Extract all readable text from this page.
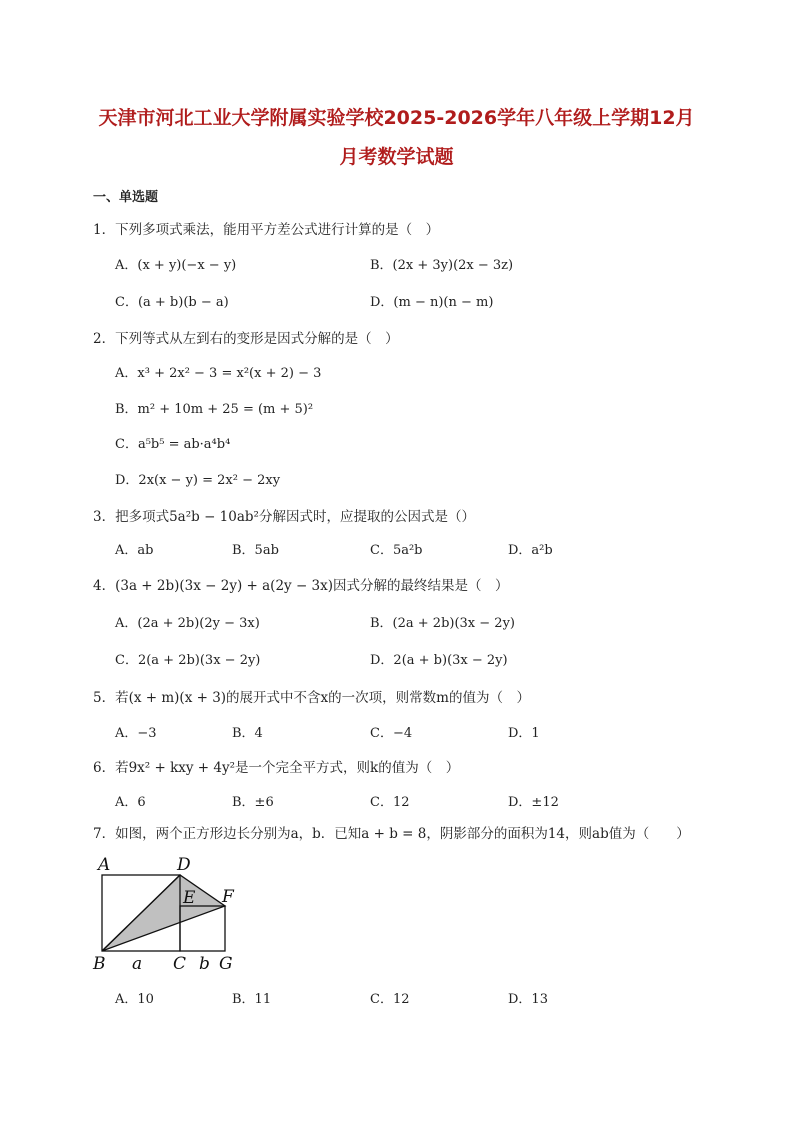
天津市河北工业大学附属实验学校2025-2026学年八年级上学期12月
月考数学试题
一、单选题
1．下列多项式乘法，能用平方差公式进行计算的是（　）
A．(x + y)(−x − y)	B．(2x + 3y)(2x − 3z)
C．(a + b)(b − a)	D．(m − n)(n − m)
2．下列等式从左到右的变形是因式分解的是（　）
A．x³ + 2x² − 3 = x²(x + 2) − 3
B．m² + 10m + 25 = (m + 5)²
C．a⁵b⁵ = ab·a⁴b⁴
D．2x(x − y) = 2x² − 2xy
3．把多项式5a²b − 10ab²分解因式时，应提取的公因式是（）
A．ab	B．5ab	C．5a²b	D．a²b
4．(3a + 2b)(3x − 2y) + a(2y − 3x)因式分解的最终结果是（　）
A．(2a + 2b)(2y − 3x)	B．(2a + 2b)(3x − 2y)
C．2(a + 2b)(3x − 2y)	D．2(a + b)(3x − 2y)
5．若(x + m)(x + 3)的展开式中不含x的一次项，则常数m的值为（　）
A．−3	B．4	C．−4	D．1
6．若9x² + kxy + 4y²是一个完全平方式，则k的值为（　）
A．6	B．±6	C．12	D．±12
7．如图，两个正方形边长分别为a，b．已知a + b = 8，阴影部分的面积为14，则ab值为（　　）
A	D
E F
B a C b G
A．10	B．11	C．12	D．13
